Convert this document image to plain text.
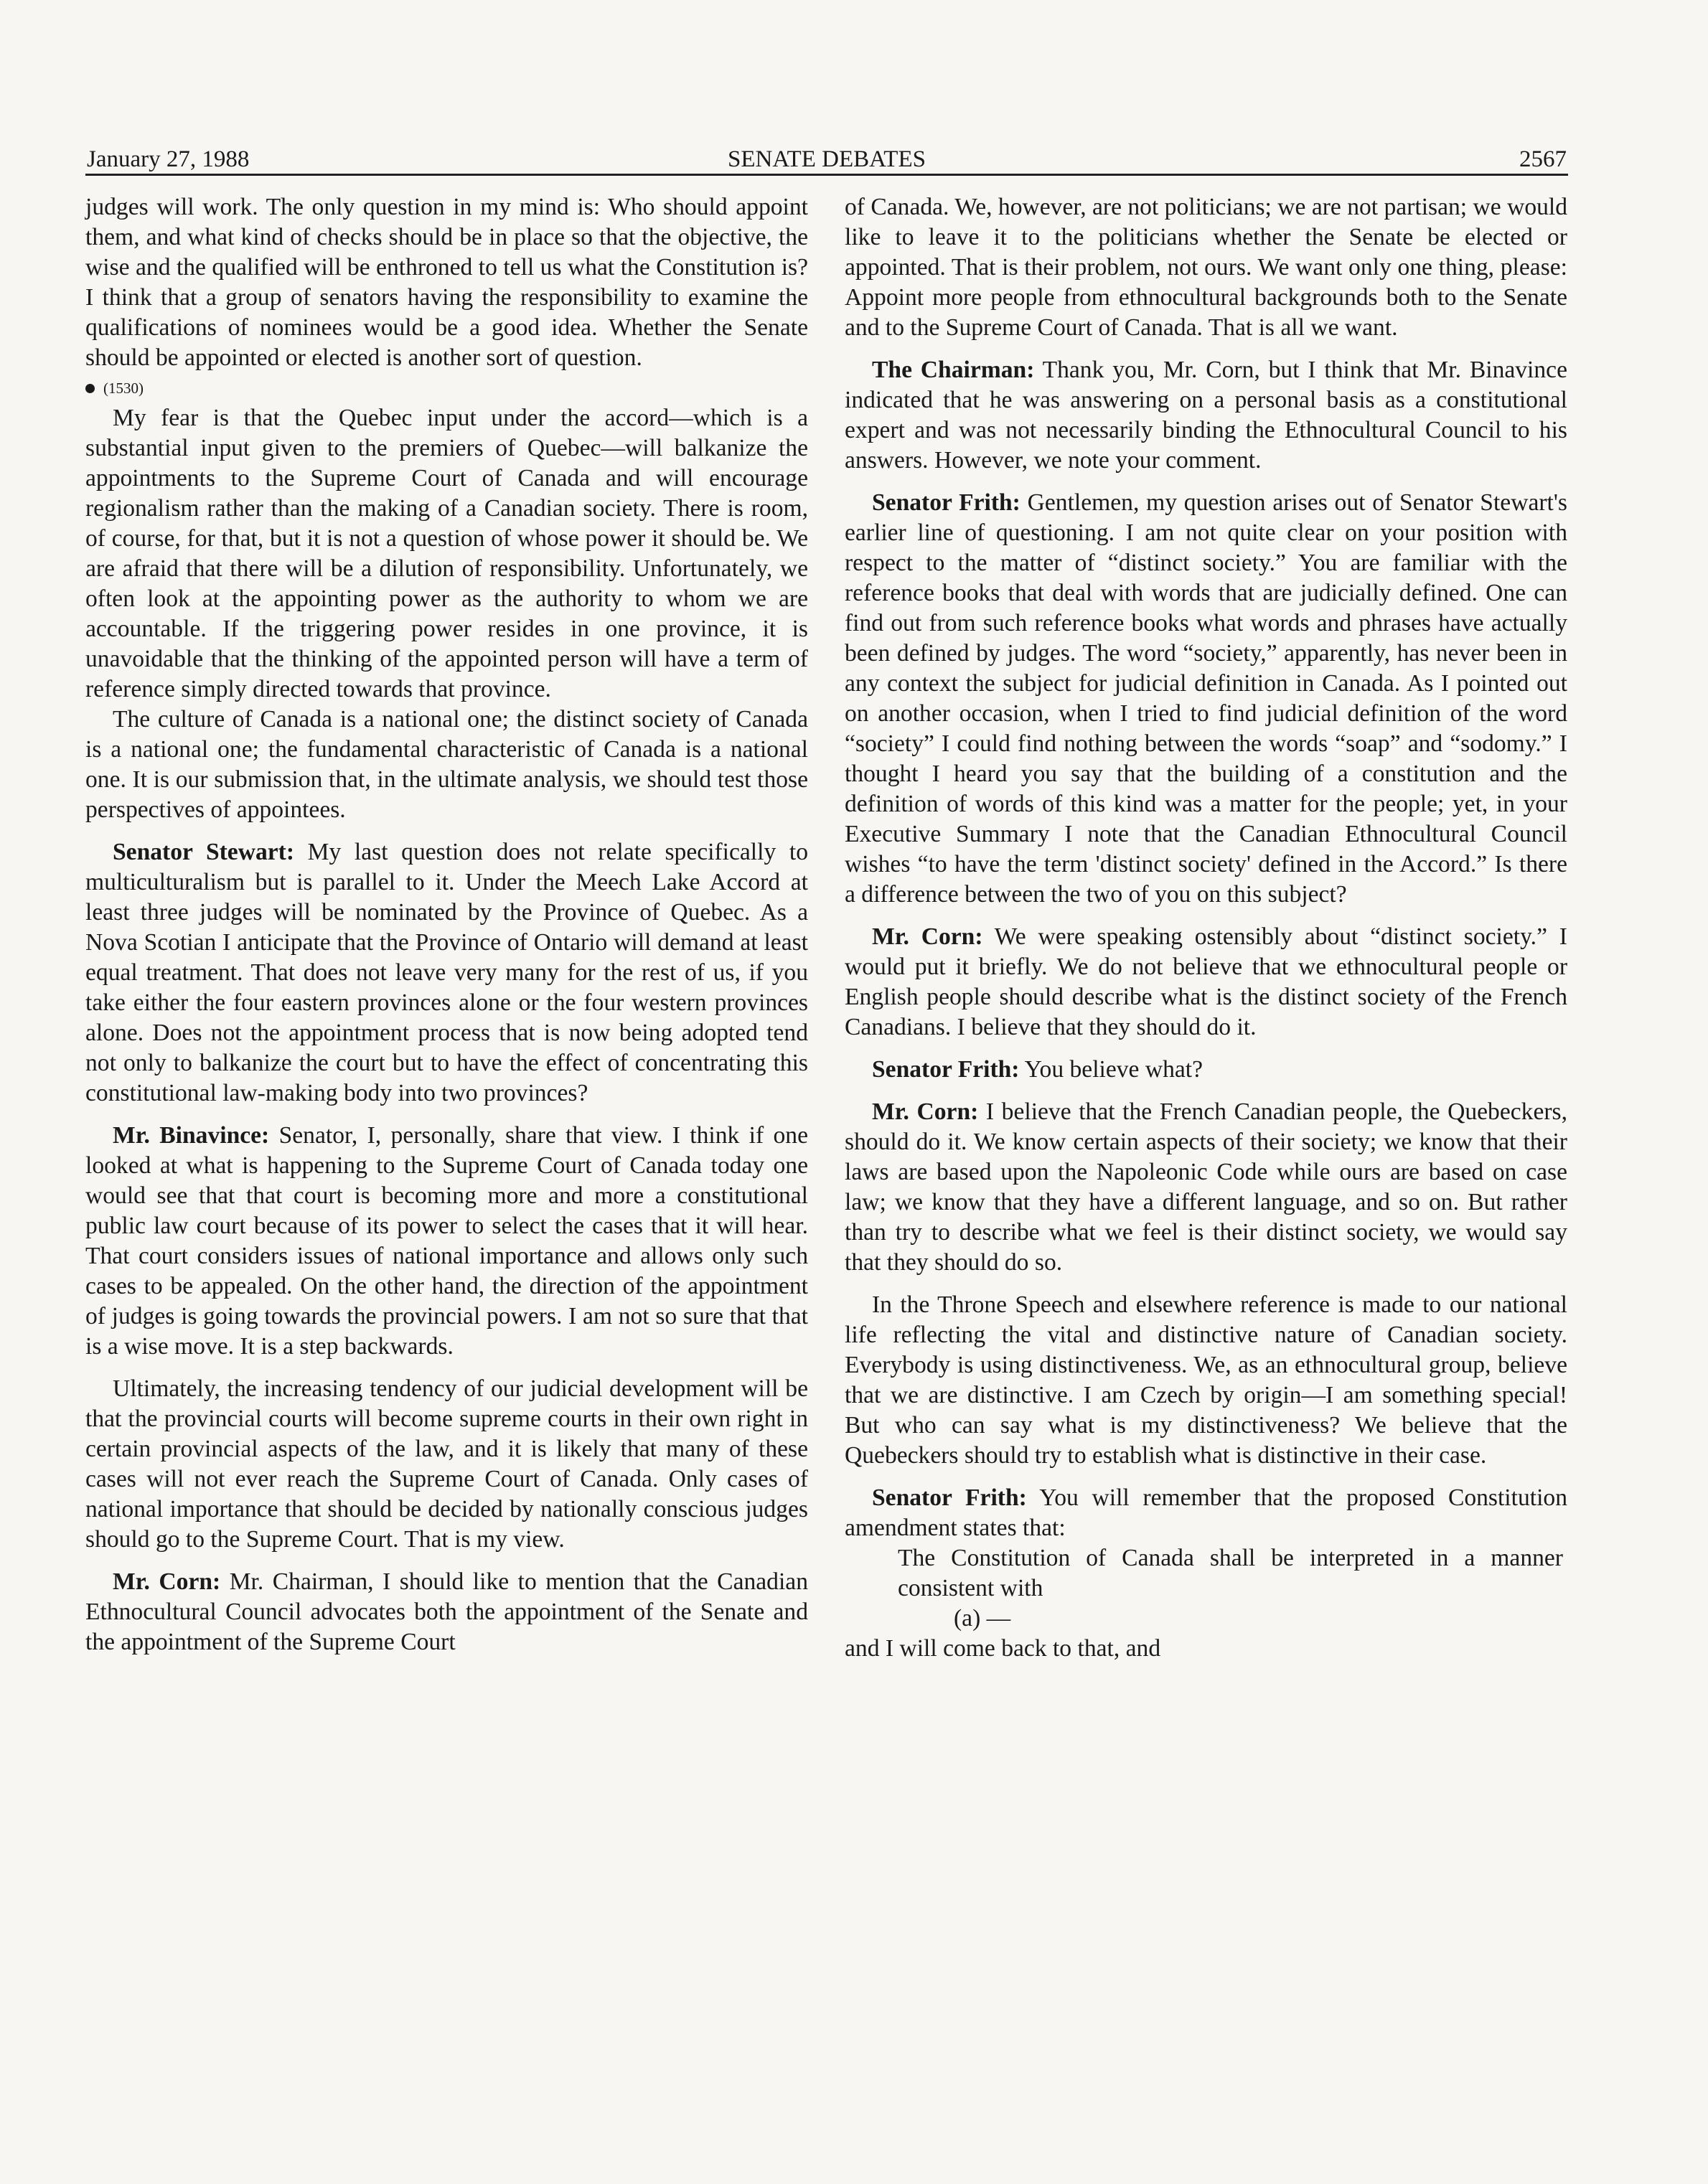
January 27, 1988	SENATE DEBATES	2567

judges will work. The only question in my mind is: Who should appoint them, and what kind of checks should be in place so that the objective, the wise and the qualified will be enthroned to tell us what the Constitution is? I think that a group of senators having the responsibility to examine the qualifications of nominees would be a good idea. Whether the Senate should be appointed or elected is another sort of question.

(1530)

My fear is that the Quebec input under the accord—which is a substantial input given to the premiers of Quebec—will balkanize the appointments to the Supreme Court of Canada and will encourage regionalism rather than the making of a Canadian society. There is room, of course, for that, but it is not a question of whose power it should be. We are afraid that there will be a dilution of responsibility. Unfortunately, we often look at the appointing power as the authority to whom we are accountable. If the triggering power resides in one province, it is unavoidable that the thinking of the appointed person will have a term of reference simply directed towards that province.

The culture of Canada is a national one; the distinct society of Canada is a national one; the fundamental characteristic of Canada is a national one. It is our submission that, in the ultimate analysis, we should test those perspectives of appointees.

Senator Stewart: My last question does not relate specifically to multiculturalism but is parallel to it. Under the Meech Lake Accord at least three judges will be nominated by the Province of Quebec. As a Nova Scotian I anticipate that the Province of Ontario will demand at least equal treatment. That does not leave very many for the rest of us, if you take either the four eastern provinces alone or the four western provinces alone. Does not the appointment process that is now being adopted tend not only to balkanize the court but to have the effect of concentrating this constitutional law-making body into two provinces?

Mr. Binavince: Senator, I, personally, share that view. I think if one looked at what is happening to the Supreme Court of Canada today one would see that that court is becoming more and more a constitutional public law court because of its power to select the cases that it will hear. That court considers issues of national importance and allows only such cases to be appealed. On the other hand, the direction of the appointment of judges is going towards the provincial powers. I am not so sure that that is a wise move. It is a step backwards.

Ultimately, the increasing tendency of our judicial development will be that the provincial courts will become supreme courts in their own right in certain provincial aspects of the law, and it is likely that many of these cases will not ever reach the Supreme Court of Canada. Only cases of national importance that should be decided by nationally conscious judges should go to the Supreme Court. That is my view.

Mr. Corn: Mr. Chairman, I should like to mention that the Canadian Ethnocultural Council advocates both the appointment of the Senate and the appointment of the Supreme Court

of Canada. We, however, are not politicians; we are not partisan; we would like to leave it to the politicians whether the Senate be elected or appointed. That is their problem, not ours. We want only one thing, please: Appoint more people from ethnocultural backgrounds both to the Senate and to the Supreme Court of Canada. That is all we want.

The Chairman: Thank you, Mr. Corn, but I think that Mr. Binavince indicated that he was answering on a personal basis as a constitutional expert and was not necessarily binding the Ethnocultural Council to his answers. However, we note your comment.

Senator Frith: Gentlemen, my question arises out of Senator Stewart's earlier line of questioning. I am not quite clear on your position with respect to the matter of “distinct society.” You are familiar with the reference books that deal with words that are judicially defined. One can find out from such reference books what words and phrases have actually been defined by judges. The word “society,” apparently, has never been in any context the subject for judicial definition in Canada. As I pointed out on another occasion, when I tried to find judicial definition of the word “society” I could find nothing between the words “soap” and “sodomy.” I thought I heard you say that the building of a constitution and the definition of words of this kind was a matter for the people; yet, in your Executive Summary I note that the Canadian Ethnocultural Council wishes “to have the term 'distinct society' defined in the Accord.” Is there a difference between the two of you on this subject?

Mr. Corn: We were speaking ostensibly about “distinct society.” I would put it briefly. We do not believe that we ethnocultural people or English people should describe what is the distinct society of the French Canadians. I believe that they should do it.

Senator Frith: You believe what?

Mr. Corn: I believe that the French Canadian people, the Quebeckers, should do it. We know certain aspects of their society; we know that their laws are based upon the Napoleonic Code while ours are based on case law; we know that they have a different language, and so on. But rather than try to describe what we feel is their distinct society, we would say that they should do so.

In the Throne Speech and elsewhere reference is made to our national life reflecting the vital and distinctive nature of Canadian society. Everybody is using distinctiveness. We, as an ethnocultural group, believe that we are distinctive. I am Czech by origin—I am something special! But who can say what is my distinctiveness? We believe that the Quebeckers should try to establish what is distinctive in their case.

Senator Frith: You will remember that the proposed Constitution amendment states that:

The Constitution of Canada shall be interpreted in a manner consistent with

(a) —

and I will come back to that, and
